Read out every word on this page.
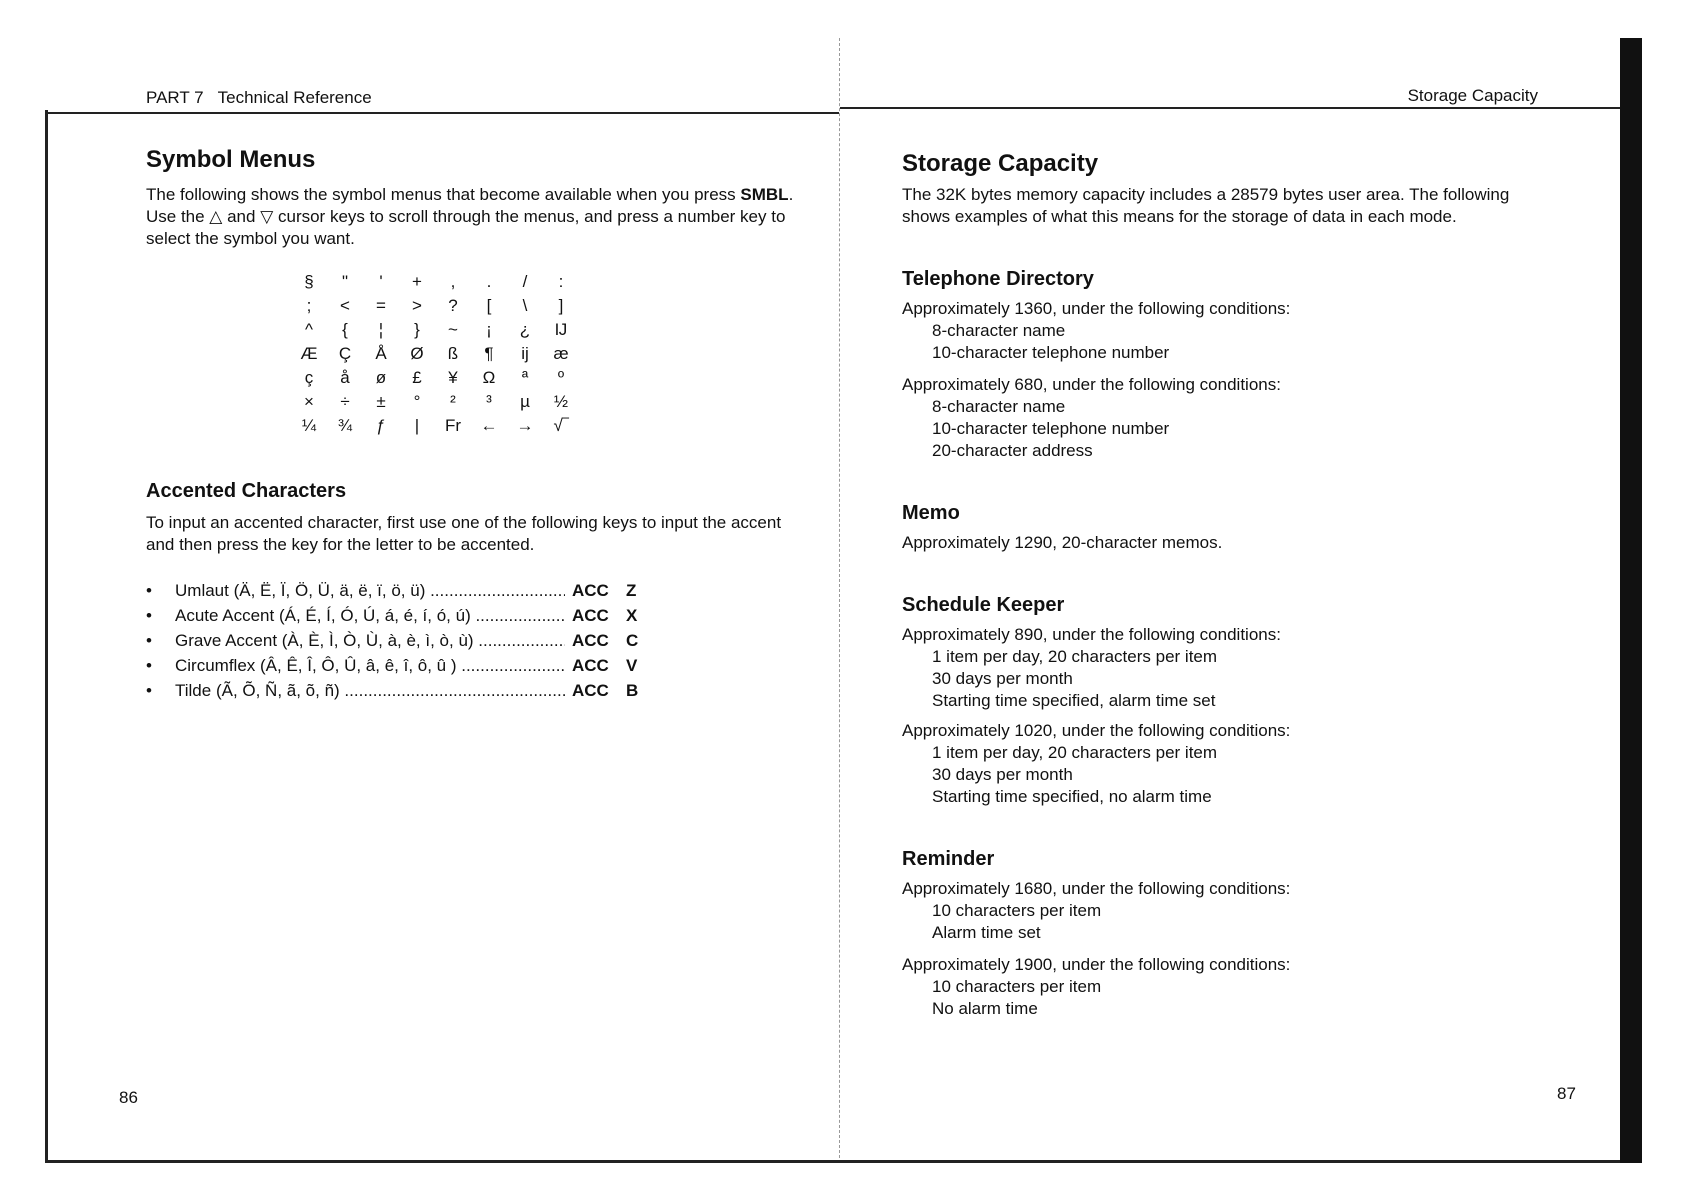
PART 7 Technical Reference	Storage Capacity
Symbol Menus

The following shows the symbol menus that become available when you press SMBL. Use the △ and ▽ cursor keys to scroll through the menus, and press a number key to select the symbol you want.

§	"	'	+	,	.	/	:
;	<	=	>	?	[	\	]
^	{	¦	}	~	¡	¿	Ĳ
Æ	Ç	Å	Ø	ß	¶	ĳ	æ
ç	å	ø	£	¥	Ω	ª	º
×	÷	±	°	²	³	µ	½
¼	¾	ƒ	|	Fr	←	→	√‾
Accented Characters

To input an accented character, first use one of the following keys to input the accent and then press the key for the letter to be accented.

• Umlaut (Ä, Ë, Ï, Ö, Ü, ä, ë, ï, ö, ü) .....	ACC Z
• Acute Accent (Á, É, Í, Ó, Ú, á, é, í, ó, ú) .....	ACC X
• Grave Accent (À, È, Ì, Ò, Ù, à, è, ì, ò, ù) .....	ACC C
• Circumflex (Â, Ê, Î, Ô, Û, â, ê, î, ô, û ) .....	ACC V
• Tilde (Ã, Õ, Ñ, ã, õ, ñ) .....	ACC B
Storage Capacity

The 32K bytes memory capacity includes a 28579 bytes user area. The following shows examples of what this means for the storage of data in each mode.

Telephone Directory
Approximately 1360, under the following conditions:
8-character name
10-character telephone number
Approximately 680, under the following conditions:
8-character name
10-character telephone number
20-character address
Memo

Approximately 1290, 20-character memos.

Schedule Keeper
Approximately 890, under the following conditions:
1 item per day, 20 characters per item
30 days per month
Starting time specified, alarm time set
Approximately 1020, under the following conditions:
1 item per day, 20 characters per item
30 days per month
Starting time specified, no alarm time
Reminder
Approximately 1680, under the following conditions:
10 characters per item
Alarm time set
Approximately 1900, under the following conditions:
10 characters per item
No alarm time
86	87
